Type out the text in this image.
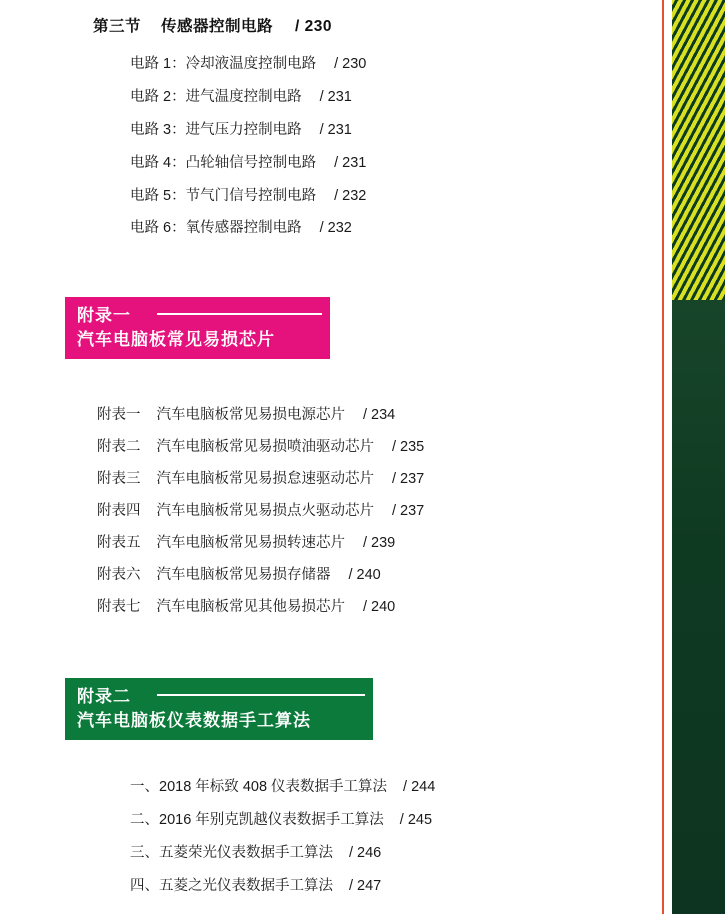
第三节 传感器控制电路 / 230
电路 1：冷却液温度控制电路 / 230
电路 2：进气温度控制电路 / 231
电路 3：进气压力控制电路 / 231
电路 4：凸轮轴信号控制电路 / 231
电路 5：节气门信号控制电路 / 232
电路 6：氧传感器控制电路 / 232
附录一
汽车电脑板常见易损芯片
附表一 汽车电脑板常见易损电源芯片 / 234
附表二 汽车电脑板常见易损喷油驱动芯片 / 235
附表三 汽车电脑板常见易损怠速驱动芯片 / 237
附表四 汽车电脑板常见易损点火驱动芯片 / 237
附表五 汽车电脑板常见易损转速芯片 / 239
附表六 汽车电脑板常见易损存储器 / 240
附表七 汽车电脑板常见其他易损芯片 / 240
附录二
汽车电脑板仪表数据手工算法
一、2018 年标致 408 仪表数据手工算法 / 244
二、2016 年别克凯越仪表数据手工算法 / 245
三、五菱荣光仪表数据手工算法 / 246
四、五菱之光仪表数据手工算法 / 247
